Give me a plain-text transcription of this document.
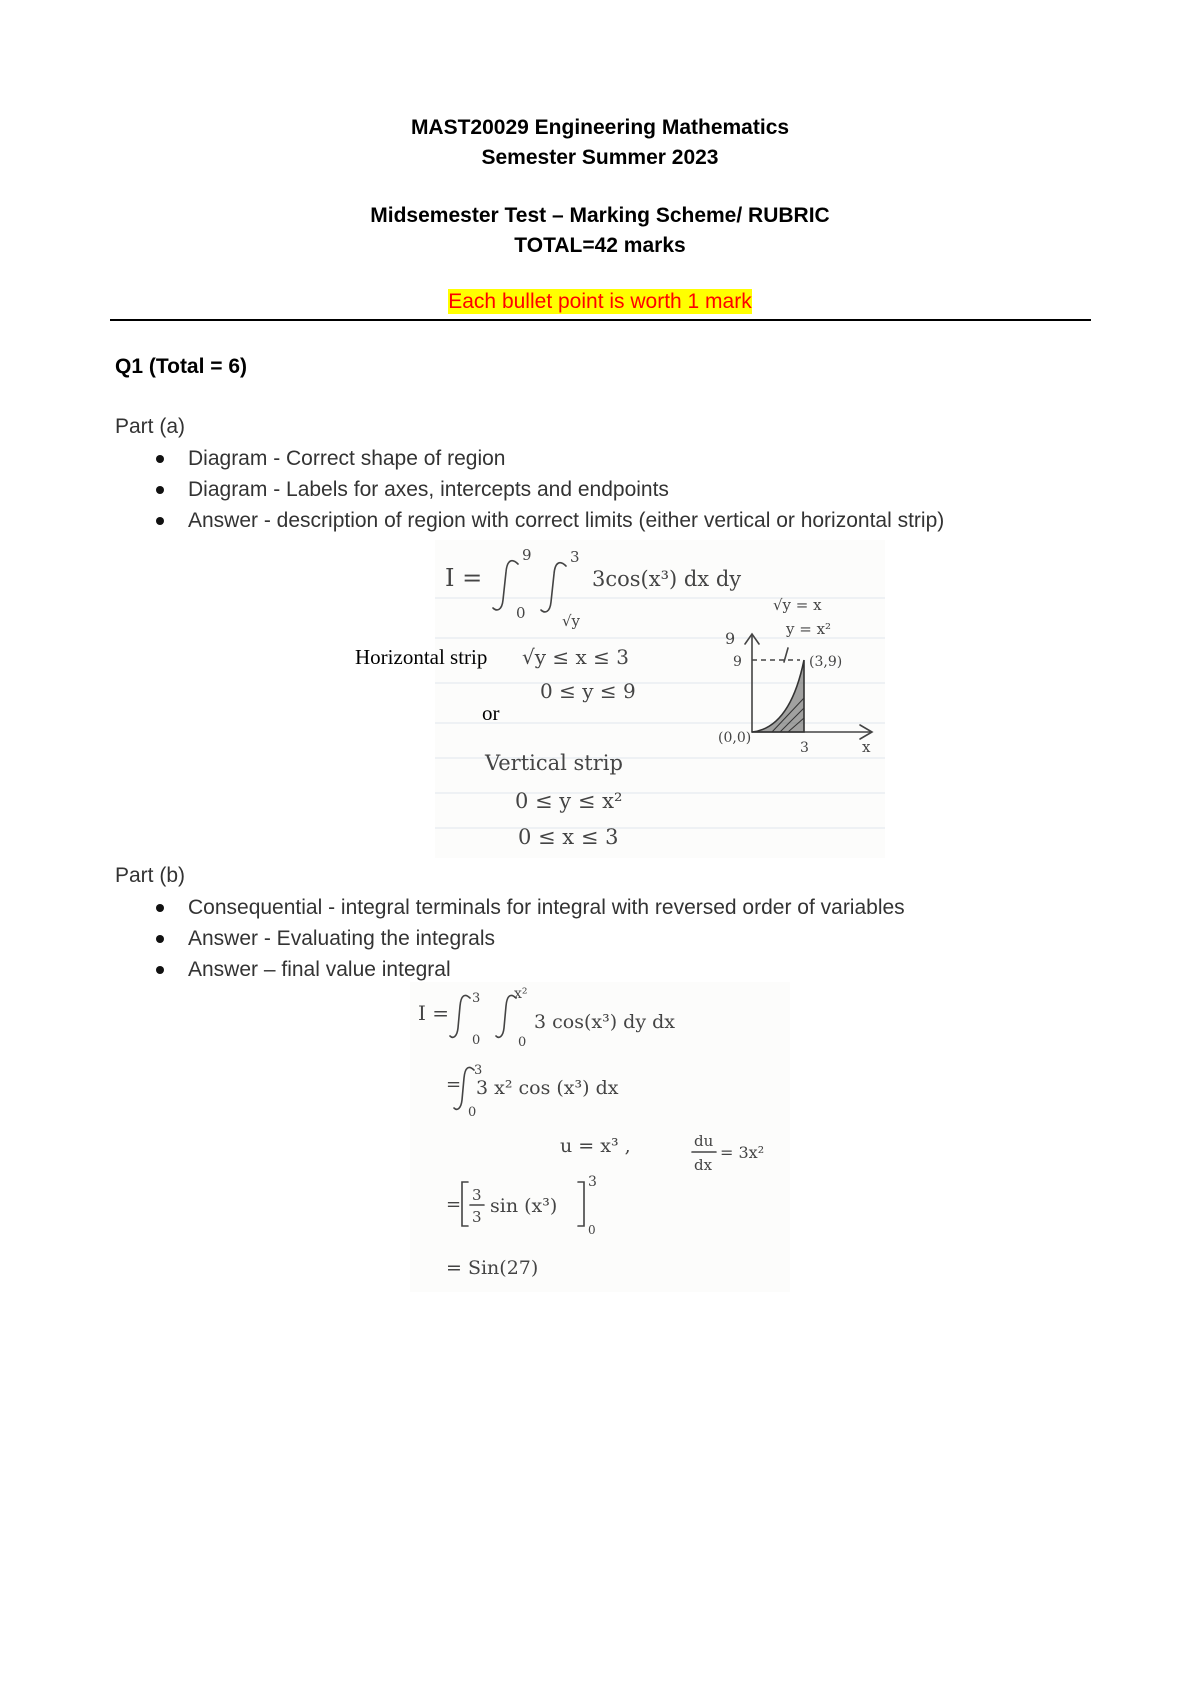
MAST20029 Engineering Mathematics
Semester Summer 2023
Midsemester Test – Marking Scheme/ RUBRIC
TOTAL=42 marks
Each bullet point is worth 1 mark
Q1 (Total = 6)
Part (a)
Diagram - Correct shape of region
Diagram - Labels for axes, intercepts and endpoints
Answer - description of region with correct limits (either vertical or horizontal strip)
I =
9
0
3
√y
3cos(x³) dx dy
Horizontal strip √y ≤ x ≤ 3
0 ≤ y ≤ 9
or
Vertical strip
0 ≤ y ≤ x²
0 ≤ x ≤ 3
9
9
√y = x
y = x²
(3,9)
(0,0)
3	x
Part (b)
Consequential - integral terminals for integral with reversed order of variables
Answer - Evaluating the integrals
Answer – final value integral
I =
3
0
x²
0
3 cos(x³) dy dx
=
3
0
3 x² cos (x³) dx
u = x³ ,	du
dx
= 3x²
= 3
3 sin (x³)
3
0
= Sin(27)
